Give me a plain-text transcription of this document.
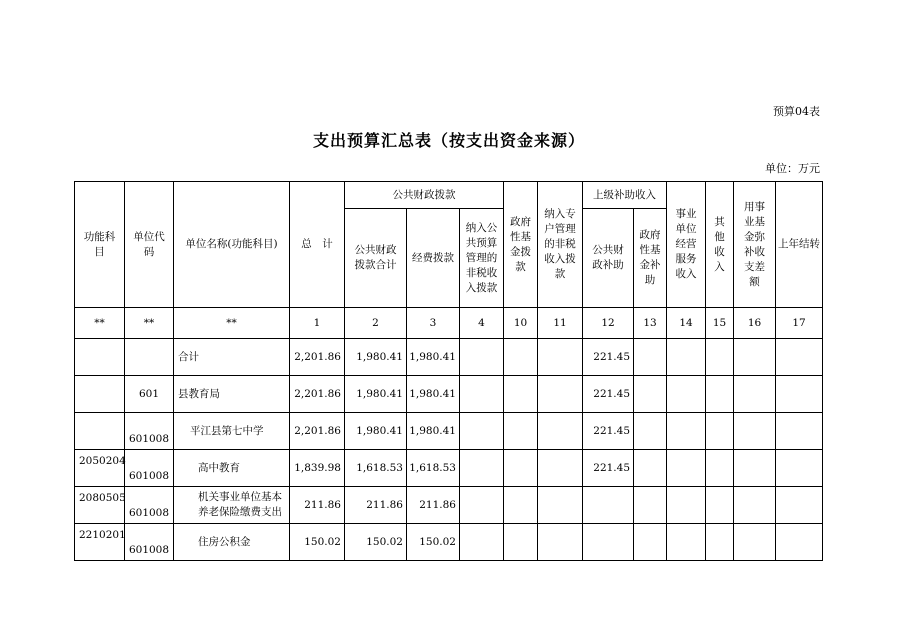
预算04表
支出预算汇总表（按支出资金来源）
单位：万元
功能科目	单位代码	单位名称(功能科目)	总　计	公共财政拨款			政府性基金拨款	纳入专户管理的非税收入拨款	上级补助收入		事业单位经营服务收入	其他收入	用事业基金弥补收支差额	上年结转
				公共财政拨款合计	经费拨款	纳入公共预算管理的非税收入拨款			公共财政补助	政府性基金补助				
**	**	**	1	2	3	4	10	11	12	13	14	15	16	17
		合计	2,201.86	1,980.41	1,980.41				221.45					
	601	县教育局	2,201.86	1,980.41	1,980.41				221.45					
	601008	平江县第七中学	2,201.86	1,980.41	1,980.41				221.45					
2050204	601008	高中教育	1,839.98	1,618.53	1,618.53				221.45					
2080505	601008	机关事业单位基本养老保险缴费支出	211.86	211.86	211.86									
2210201	601008	住房公积金	150.02	150.02	150.02									
